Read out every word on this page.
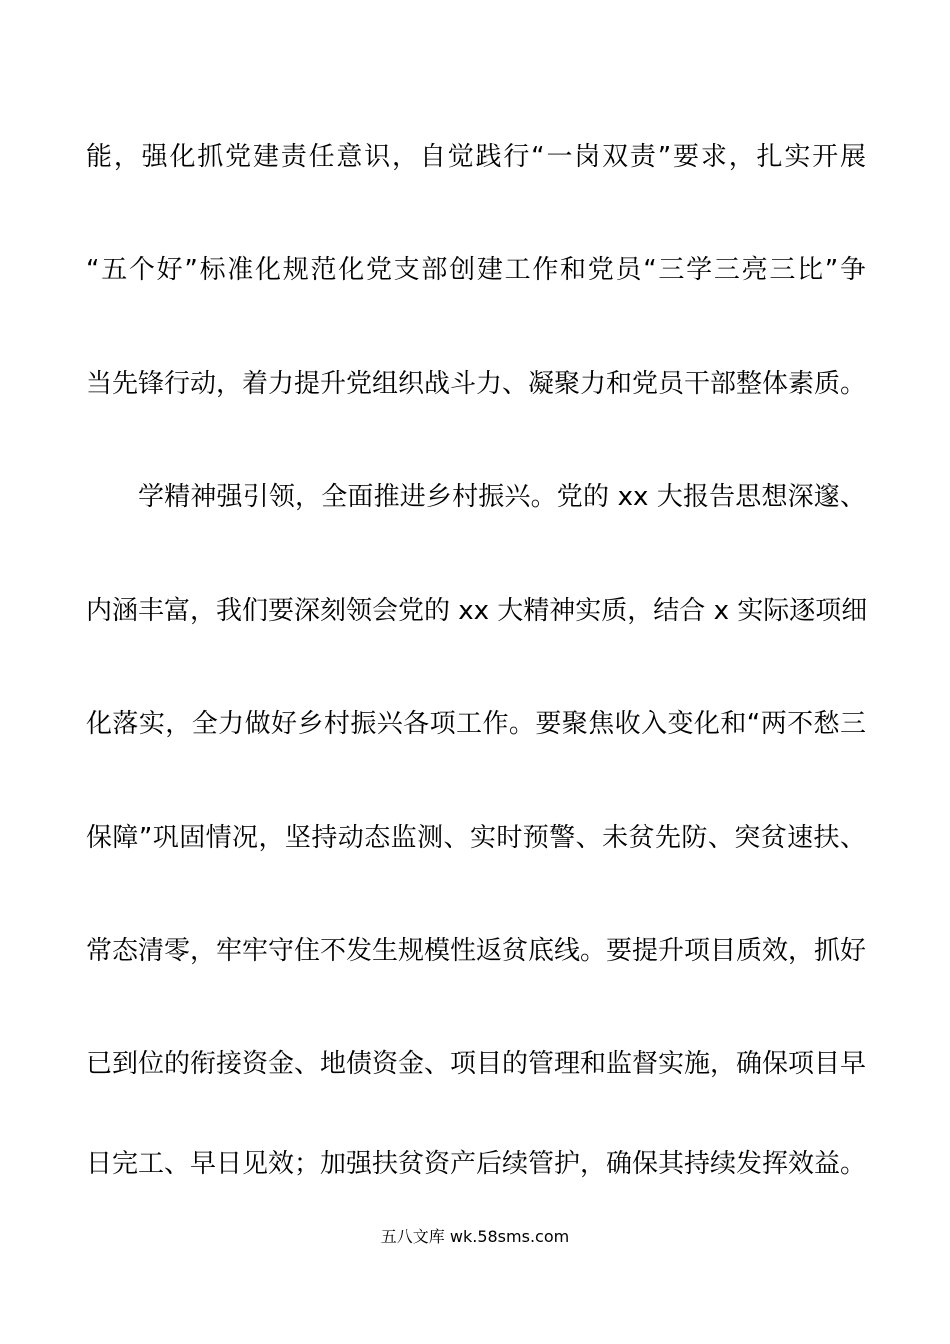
能，强化抓党建责任意识，自觉践行“一岗双责”要求，扎实开展
“五个好”标准化规范化党支部创建工作和党员“三学三亮三比”争
当先锋行动，着力提升党组织战斗力、凝聚力和党员干部整体素质。
学精神强引领，全面推进乡村振兴。党的 xx 大报告思想深邃、
内涵丰富，我们要深刻领会党的 xx 大精神实质，结合 x 实际逐项细
化落实，全力做好乡村振兴各项工作。要聚焦收入变化和“两不愁三
保障”巩固情况，坚持动态监测、实时预警、未贫先防、突贫速扶、
常态清零，牢牢守住不发生规模性返贫底线。要提升项目质效，抓好
已到位的衔接资金、地债资金、项目的管理和监督实施，确保项目早
日完工、早日见效；加强扶贫资产后续管护，确保其持续发挥效益。
五八文库 wk.58sms.com
